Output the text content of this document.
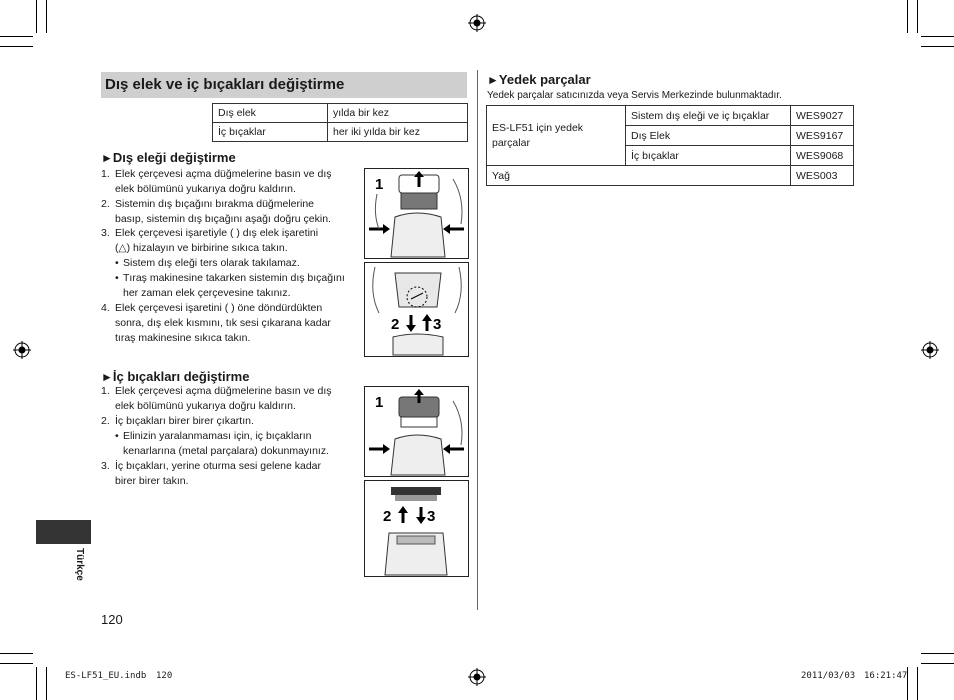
Dış elek ve iç bıçakları değiştirme
Dış elek	yılda bir kez
İç bıçaklar	her iki yılda bir kez
►Dış eleği değiştirme
1. Elek çerçevesi açma düğmelerine basın ve dış
elek bölümünü yukarıya doğru kaldırın.
2. Sistemin dış bıçağını bırakma düğmelerine
basıp, sistemin dış bıçağını aşağı doğru çekin.
3. Elek çerçevesi işaretiyle ( ) dış elek işaretini
(△) hizalayın ve birbirine sıkıca takın.
• Sistem dış eleği ters olarak takılamaz.
• Tıraş makinesine takarken sistemin dış bıçağını
her zaman elek çerçevesine takınız.
4. Elek çerçevesi işaretini ( ) öne döndürdükten
sonra, dış elek kısmını, tık sesi çıkarana kadar
tıraş makinesine sıkıca takın.
1
2 3
►İç bıçakları değiştirme
1. Elek çerçevesi açma düğmelerine basın ve dış
elek bölümünü yukarıya doğru kaldırın.
2. İç bıçakları birer birer çıkartın.
• Elinizin yaralanmaması için, iç bıçakların
kenarlarına (metal parçalara) dokunmayınız.
3. İç bıçakları, yerine oturma sesi gelene kadar
birer birer takın.
1
2 3
Türkçe
120
►Yedek parçalar
Yedek parçalar satıcınızda veya Servis Merkezinde bulunmaktadır.
ES-LF51 için yedek
parçalar	Sistem dış eleği ve iç bıçaklar	WES9027
	Dış Elek	WES9167
	İç bıçaklar	WES9068
Yağ		WES003
ES-LF51_EU.indb 120	2011/03/03 16:21:47
